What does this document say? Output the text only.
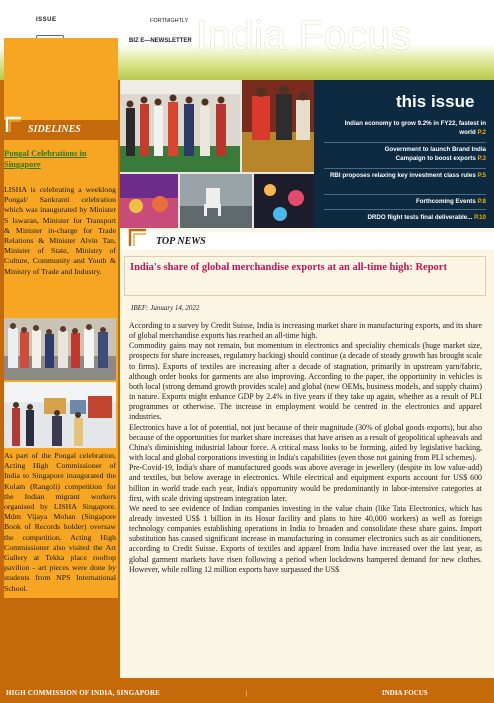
ISSUE	FORTNIGHTLY
BIZ E—NEWSLETTER India Focus
SIDELINES
Pongal Celebrations in Singapore
LISHA is celebrating a weeklong Pongal/ Sankranti celebration which was inaugurated by Minister S Iswaran, Minister for Transport & Minister in-charge for Trade Relations & Minister Alvin Tan, Minister of State, Ministry of Culture, Community and Youth & Ministry of Trade and Industry.
As part of the Pongal celebration, Acting High Commissioner of India to Singapore inaugurated the Kolam (Rangoli) competition for the Indian migrant workers organised by LISHA Singapore. Mdm Vijaya Mohan (Singapore Book of Records holder) oversaw the competition. Acting High Commissioner also visited the Art Gallery at Tekka place rooftop pavilion - art pieces were done by students from NPS International School.
this issue
Indian economy to grow 9.2% in FY22, fastest in world P.2
Government to launch Brand India Campaign to boost exports P.3
RBI proposes relaxing key investment class rules P.5
Forthcoming Events P.8
DRDO flight tests final deliverable... P.10
TOP NEWS
India's share of global merchandise exports at an all-time high: Report
IBEF: January 14, 2022

According to a survey by Credit Suisse, India is increasing market share in manufacturing exports, and its share of global merchandise exports has reached an all-time high.

Commodity gains may not remain, but momentum in electronics and speciality chemicals (huge market size, prospects for share increases, regulatory backing) should continue (a decade of steady growth has brought scale to firms). Exports of textiles are increasing after a decade of stagnation, primarily in upstream yarn/fabric, although order books for garments are also improving. According to the paper, the opportunity in vehicles is both local (strong demand growth provides scale) and global (new OEMs, business models, and supply chains) in nature. Exports might enhance GDP by 2.4% in five years if they take up again, whether as a result of PLI programmes or otherwise. The increase in employment would be centred in the electronics and apparel industries.

Electronics have a lot of potential, not just because of their magnitude (30% of global goods exports), but also because of the opportunities for market share increases that have arisen as a result of geopolitical upheavals and China's diminishing industrial labour force. A critical mass looks to be forming, aided by legislative backing, with local and global corporations investing in India's capabilities (even those not gaining from PLI schemes).

Pre-Covid-19, India's share of manufactured goods was above average in jewellery (despite its low value-add) and textiles, but below average in electronics. While electrical and equipment exports account for US$ 600 billion in world trade each year, India's opportunity would be predominantly in labor-intensive categories at first, with scale driving upstream integration later.

We need to see evidence of Indian companies investing in the value chain (like Tata Electronics, which has already invested US$ 1 billion in its Hosur facility and plans to hire 40,000 workers) as well as foreign technology companies establishing operations in India to broaden and consolidate these share gains. Import substitution has caused significant increase in manufacturing in consumer electronics such as air conditioners, according to Credit Suisse. Exports of textiles and apparel from India have increased over the last year, as global garment markets have risen following a period when lockdowns hampered demand for new clothes. However, while rolling 12 million exports have surpassed the US$

HIGH COMMISSION OF INDIA, SINGAPORE	|	INDIA FOCUS
